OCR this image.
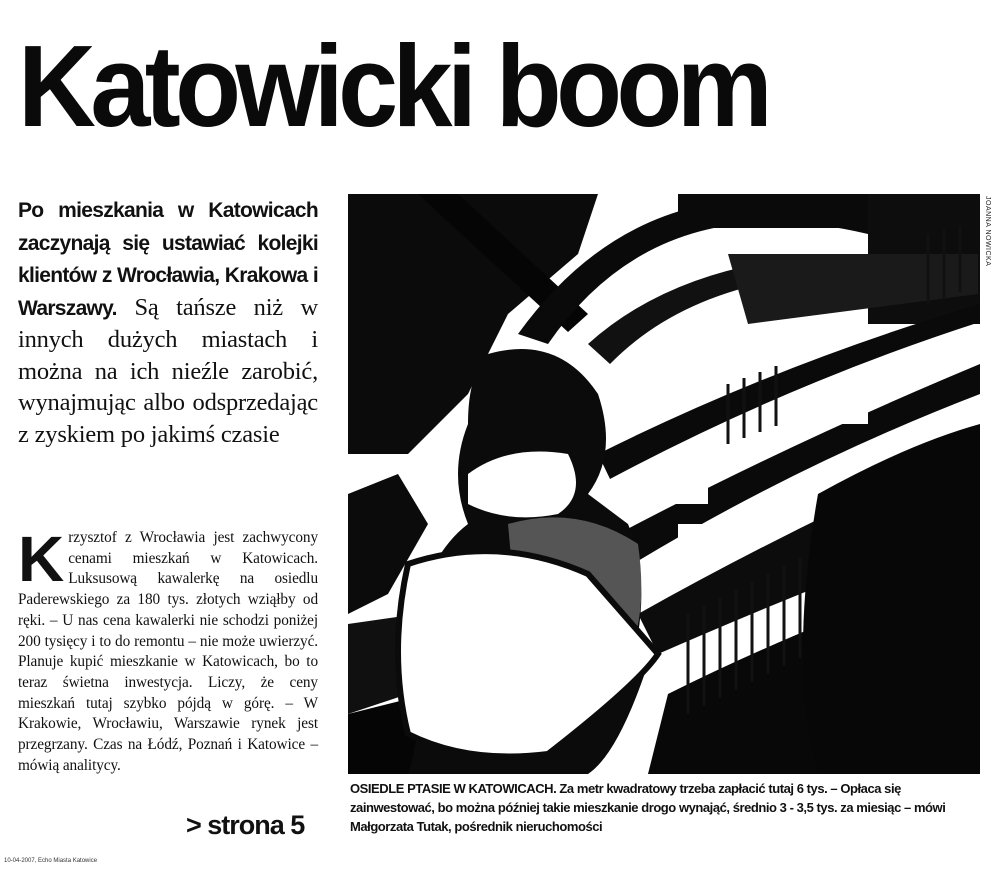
Katowicki boom

Po mieszkania w Katowicach zaczynają się ustawiać kolejki klientów z Wrocławia, Krakowa i Warszawy. Są tańsze niż w innych dużych miastach i można na ich nieźle zarobić, wynajmując albo odsprzedając z zyskiem po jakimś czasie

Krzysztof z Wrocławia jest zachwycony cenami mieszkań w Katowicach. Luksusową kawalerkę na osiedlu Paderewskiego za 180 tys. złotych wziąłby od ręki. – U nas cena kawalerki nie schodzi poniżej 200 tysięcy i to do remontu – nie może uwierzyć. Planuje kupić mieszkanie w Katowicach, bo to teraz świetna inwestycja. Liczy, że ceny mieszkań tutaj szybko pójdą w górę. – W Krakowie, Wrocławiu, Warszawie rynek jest przegrzany. Czas na Łódź, Poznań i Katowice – mówią analitycy.

> strona 5
JOANNA NOWICKA

OSIEDLE PTASIE W KATOWICACH. Za metr kwadratowy trzeba zapłacić tutaj 6 tys. – Opłaca się zainwestować, bo można później takie mieszkanie drogo wynająć, średnio 3 - 3,5 tys. za miesiąc – mówi Małgorzata Tutak, pośrednik nieruchomości

10-04-2007, Echo Miasta Katowice
